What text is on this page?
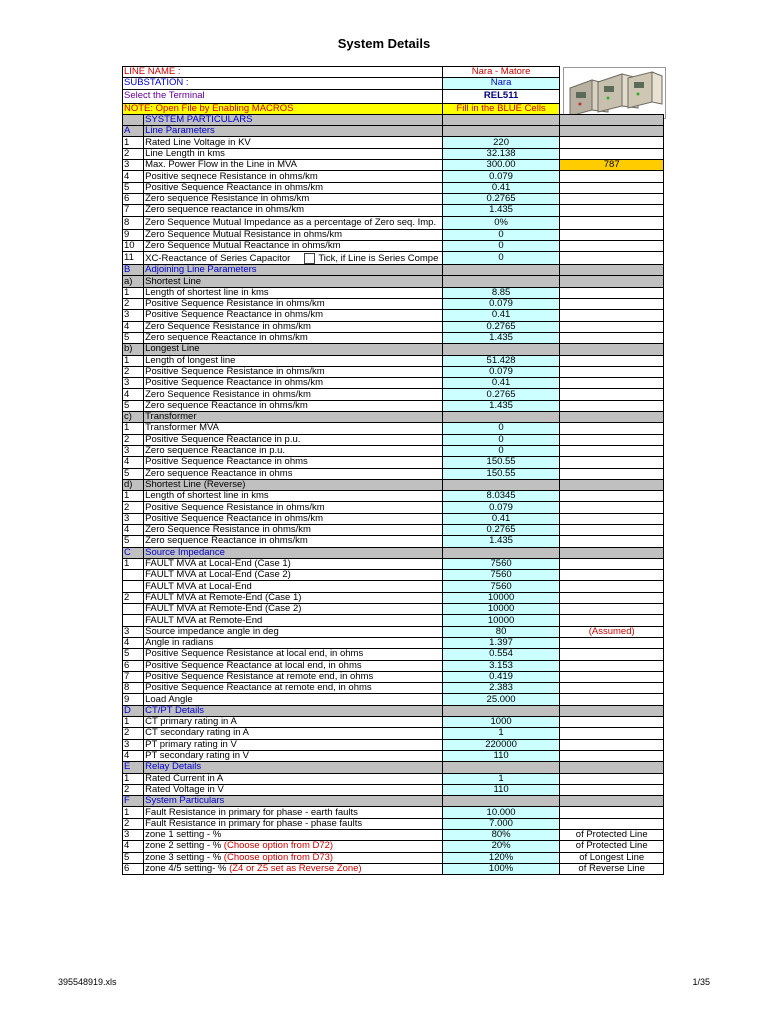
System Details
LINE NAME :		Nara - Matore	
SUBSTATION :		Nara	
Select the Terminal		REL511	
NOTE: Open File by Enabling MACROS		Fill in the BLUE Cells	
	SYSTEM PARTICULARS		
A	Line Parameters		
1	Rated Line Voltage in KV	220	
2	Line Length in kms	32.138	
3	Max. Power Flow in the Line in MVA	300.00	787
4	Positive seqnece Resistance in ohms/km	0.079	
5	Positive Sequence Reactance in ohms/km	0.41	
6	Zero sequence Resistance in ohms/km	0.2765	
7	Zero sequence reactance in ohms/km	1.435	
8	Zero Sequence Mutual Impedance as a percentage of Zero seq. Imp.	0%	
9	Zero Sequence Mutual Resistance in ohms/km	0	
10	Zero Sequence Mutual Reactance in ohms/km	0	
11	XC-Reactance of Series Capacitor Tick, if Line is Series Compe	0	
B	Adjoining Line Parameters		
a)	Shortest Line		
1	Length of shortest line in kms	8.85	
2	Positive Sequence Resistance in ohms/km	0.079	
3	Positive Sequence Reactance in ohms/km	0.41	
4	Zero Sequence Resistance in ohms/km	0.2765	
5	Zero sequence Reactance in ohms/km	1.435	
b)	Longest Line		
1	Length of longest line	51.428	
2	Positive Sequence Resistance in ohms/km	0.079	
3	Positive Sequence Reactance in ohms/km	0.41	
4	Zero Sequence Resistance in ohms/km	0.2765	
5	Zero sequence Reactance in ohms/km	1.435	
c)	Transformer		
1	Transformer MVA	0	
2	Positive Sequence Reactance in p.u.	0	
3	Zero sequence Reactance in p.u.	0	
4	Positive Sequence Reactance in ohms	150.55	
5	Zero sequence Reactance in ohms	150.55	
d)	Shortest Line (Reverse)		
1	Length of shortest line in kms	8.0345	
2	Positive Sequence Resistance in ohms/km	0.079	
3	Positive Sequence Reactance in ohms/km	0.41	
4	Zero Sequence Resistance in ohms/km	0.2765	
5	Zero sequence Reactance in ohms/km	1.435	
C	Source Impedance		
1	FAULT MVA at Local-End (Case 1)	7560	
	FAULT MVA at Local-End (Case 2)	7560	
	FAULT MVA at Local-End	7560	
2	FAULT MVA at Remote-End (Case 1)	10000	
	FAULT MVA at Remote-End (Case 2)	10000	
	FAULT MVA at Remote-End	10000	
3	Source impedance angle in deg	80	(Assumed)
4	Angle in radians	1.397	
5	Positive Sequence Resistance at local end, in ohms	0.554	
6	Positive Sequence Reactance at local end, in ohms	3.153	
7	Positive Sequence Resistance at remote end, in ohms	0.419	
8	Positive Sequence Reactance at remote end, in ohms	2.383	
9	Load Angle	25.000	
D	CT/PT Details		
1	CT primary rating in A	1000	
2	CT secondary rating in A	1	
3	PT primary rating in V	220000	
4	PT secondary rating in V	110	
E	Relay Details		
1	Rated Current in A	1	
2	Rated Voltage in V	110	
F	System Particulars		
1	Fault Resistance in primary for phase - earth faults	10.000	
2	Fault Resistance in primary for phase - phase faults	7.000	
3	zone 1 setting - %	80%	of Protected Line
4	zone 2 setting - % (Choose option from D72)	20%	of Protected Line
5	zone 3 setting - % (Choose option from D73)	120%	of Longest Line
6	zone 4/5 setting- % (Z4 or Z5 set as Reverse Zone)	100%	of Reverse Line
395548919.xls	1/35
